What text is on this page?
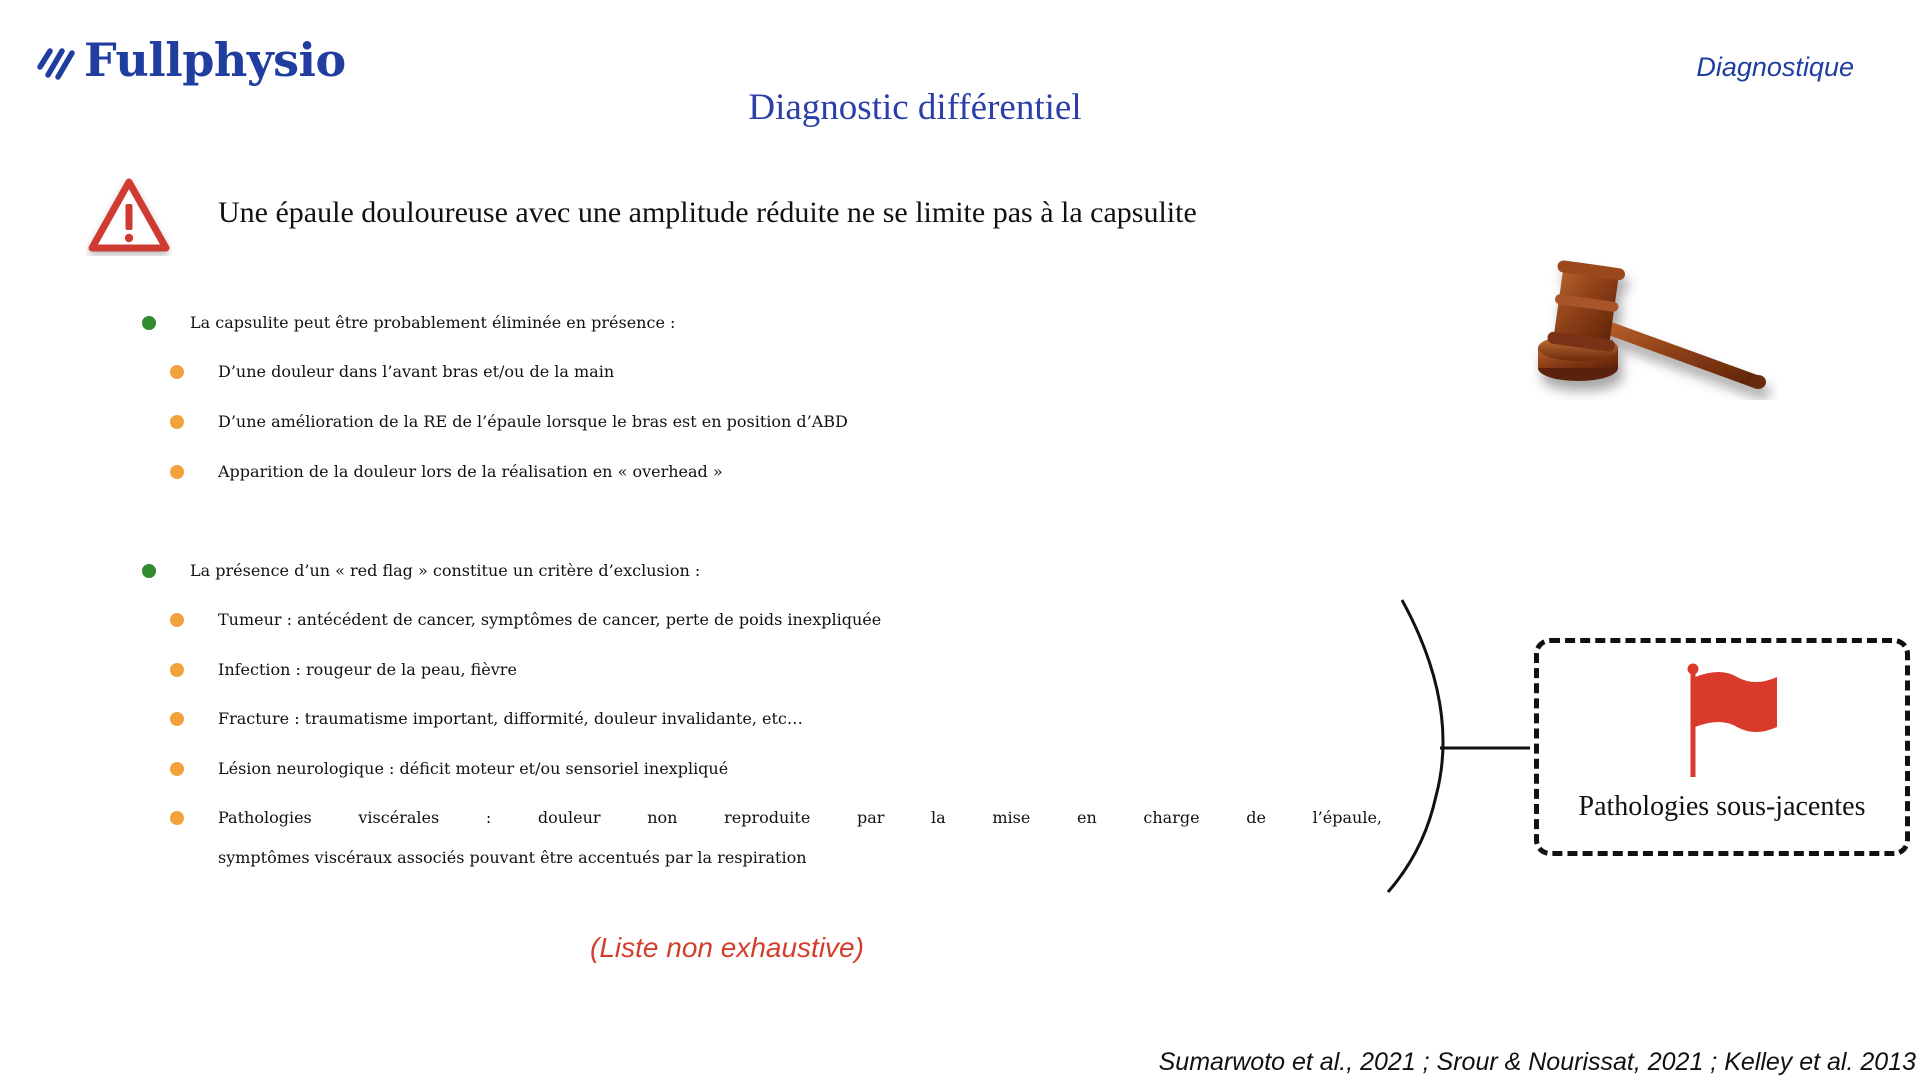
Fullphysio	Diagnostique
Diagnostic différentiel
Une épaule douloureuse avec une amplitude réduite ne se limite pas à la capsulite
La capsulite peut être probablement éliminée en présence :
D’une douleur dans l’avant bras et/ou de la main
D’une amélioration de la RE de l’épaule lorsque le bras est en position d’ABD
Apparition de la douleur lors de la réalisation en « overhead »
La présence d’un « red flag » constitue un critère d’exclusion :
Tumeur : antécédent de cancer, symptômes de cancer, perte de poids inexpliquée
Infection : rougeur de la peau, fièvre
Fracture : traumatisme important, difformité, douleur invalidante, etc…
Lésion neurologique : déficit moteur et/ou sensoriel inexpliqué
Pathologies viscérales : douleur non reproduite par la mise en charge de l’épaule,
symptômes viscéraux associés pouvant être accentués par la respiration
Pathologies sous-jacentes
(Liste non exhaustive)
Sumarwoto et al., 2021 ; Srour & Nourissat, 2021 ; Kelley et al. 2013
